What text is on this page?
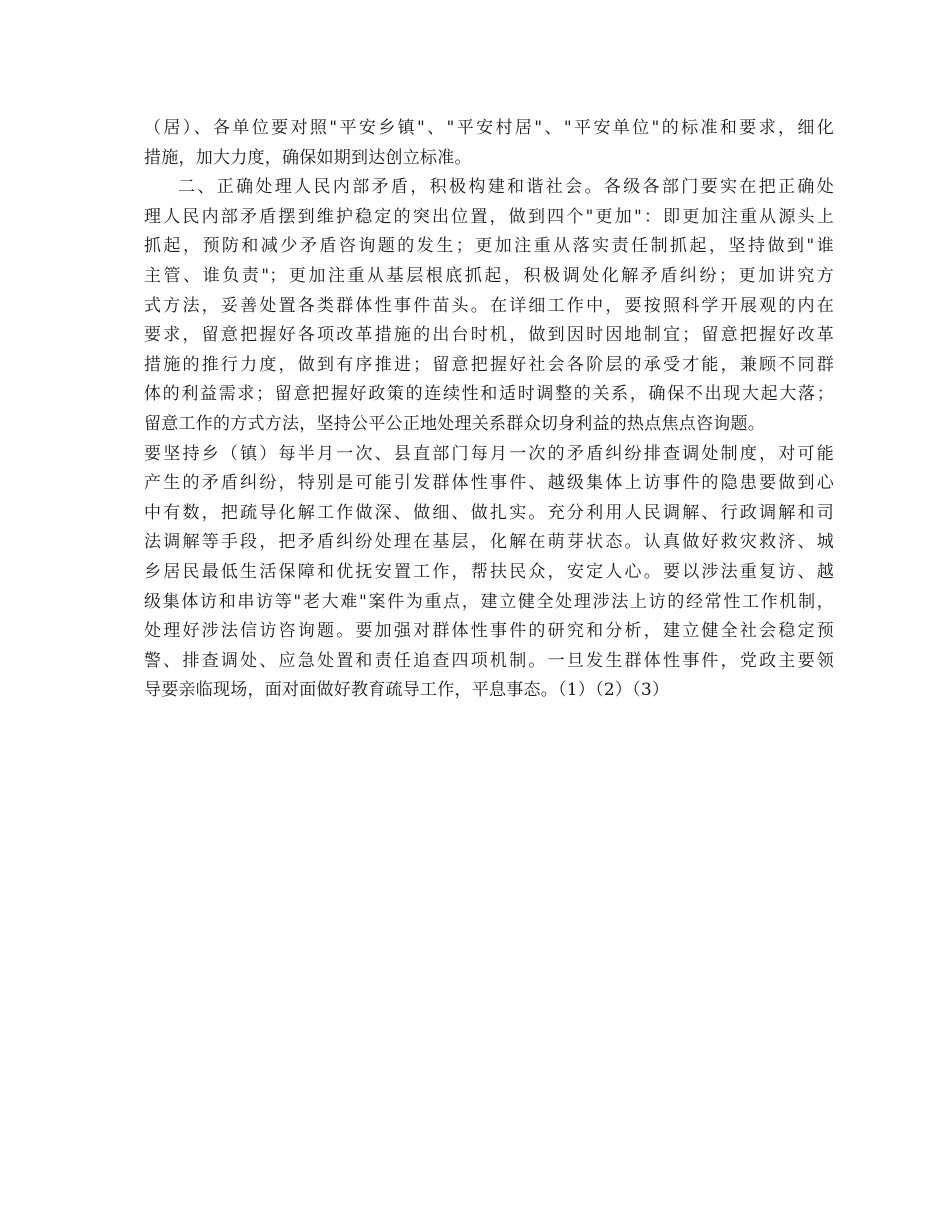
（居）、各单位要对照"平安乡镇"、"平安村居"、"平安单位"的标准和要求，细化
措施，加大力度，确保如期到达创立标准。
二、正确处理人民内部矛盾，积极构建和谐社会。各级各部门要实在把正确处
理人民内部矛盾摆到维护稳定的突出位置，做到四个"更加"：即更加注重从源头上
抓起，预防和减少矛盾咨询题的发生；更加注重从落实责任制抓起，坚持做到"谁
主管、谁负责"；更加注重从基层根底抓起，积极调处化解矛盾纠纷；更加讲究方
式方法，妥善处置各类群体性事件苗头。在详细工作中，要按照科学开展观的内在
要求，留意把握好各项改革措施的出台时机，做到因时因地制宜；留意把握好改革
措施的推行力度，做到有序推进；留意把握好社会各阶层的承受才能，兼顾不同群
体的利益需求；留意把握好政策的连续性和适时调整的关系，确保不出现大起大落；
留意工作的方式方法，坚持公平公正地处理关系群众切身利益的热点焦点咨询题。
要坚持乡（镇）每半月一次、县直部门每月一次的矛盾纠纷排查调处制度，对可能
产生的矛盾纠纷，特别是可能引发群体性事件、越级集体上访事件的隐患要做到心
中有数，把疏导化解工作做深、做细、做扎实。充分利用人民调解、行政调解和司
法调解等手段，把矛盾纠纷处理在基层，化解在萌芽状态。认真做好救灾救济、城
乡居民最低生活保障和优抚安置工作，帮扶民众，安定人心。要以涉法重复访、越
级集体访和串访等"老大难"案件为重点，建立健全处理涉法上访的经常性工作机制，
处理好涉法信访咨询题。要加强对群体性事件的研究和分析，建立健全社会稳定预
警、排查调处、应急处置和责任追查四项机制。一旦发生群体性事件，党政主要领
导要亲临现场，面对面做好教育疏导工作，平息事态。（1）（2）（3）
